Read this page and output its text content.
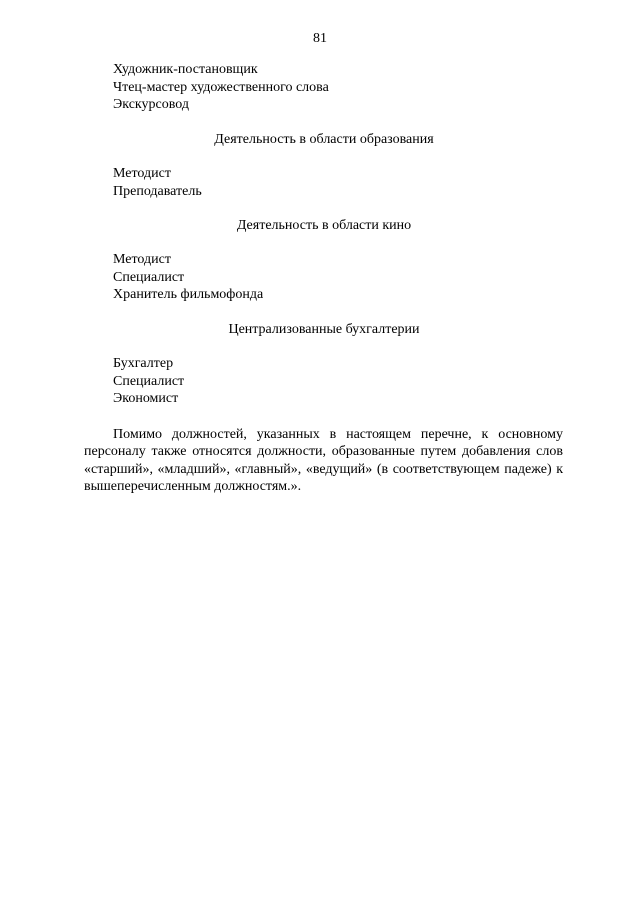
81
Художник-постановщик
Чтец-мастер художественного слова
Экскурсовод
Деятельность в области образования
Методист
Преподаватель
Деятельность в области кино
Методист
Специалист
Хранитель фильмофонда
Централизованные бухгалтерии
Бухгалтер
Специалист
Экономист

Помимо должностей, указанных в настоящем перечне, к основному персоналу также относятся должности, образованные путем добавления слов «старший», «младший», «главный», «ведущий» (в соответствующем падеже) к вышеперечисленным должностям.».
